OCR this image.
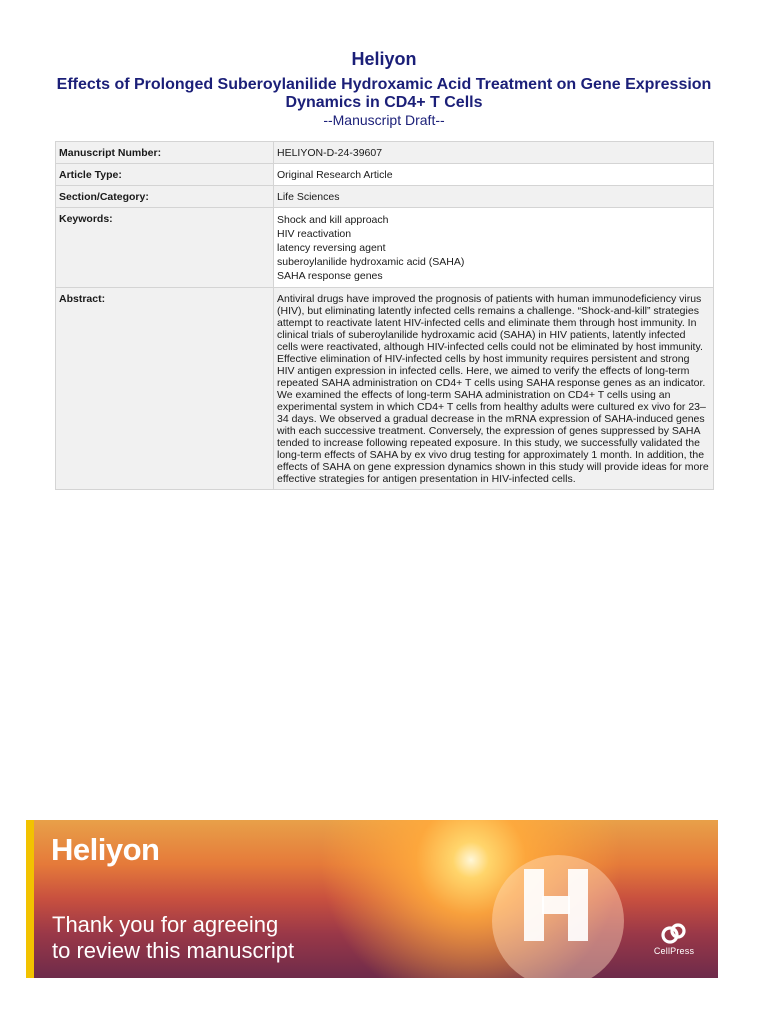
Heliyon

Effects of Prolonged Suberoylanilide Hydroxamic Acid Treatment on Gene Expression Dynamics in CD4+ T Cells

--Manuscript Draft--

Manuscript Number:	HELIYON-D-24-39607
Article Type:	Original Research Article
Section/Category:	Life Sciences
Keywords:	Shock and kill approach
HIV reactivation
latency reversing agent
suberoylanilide hydroxamic acid (SAHA)
SAHA response genes

Abstract:	Antiviral drugs have improved the prognosis of patients with human immunodeficiency virus (HIV), but eliminating latently infected cells remains a challenge. “Shock-and-kill” strategies attempt to reactivate latent HIV-infected cells and eliminate them through host immunity. In clinical trials of suberoylanilide hydroxamic acid (SAHA) in HIV patients, latently infected cells were reactivated, although HIV-infected cells could not be eliminated by host immunity. Effective elimination of HIV-infected cells by host immunity requires persistent and strong HIV antigen expression in infected cells. Here, we aimed to verify the effects of long-term repeated SAHA administration on CD4+ T cells using SAHA response genes as an indicator. We examined the effects of long-term SAHA administration on CD4+ T cells using an experimental system in which CD4+ T cells from healthy adults were cultured ex vivo for 23–34 days. We observed a gradual decrease in the mRNA expression of SAHA-induced genes with each successive treatment. Conversely, the expression of genes suppressed by SAHA tended to increase following repeated exposure. In this study, we successfully validated the long-term effects of SAHA by ex vivo drug testing for approximately 1 month. In addition, the effects of SAHA on gene expression dynamics shown in this study will provide ideas for more effective strategies for antigen presentation in HIV-infected cells.
Heliyon
Thank you for agreeing
to review this manuscript	CellPress
